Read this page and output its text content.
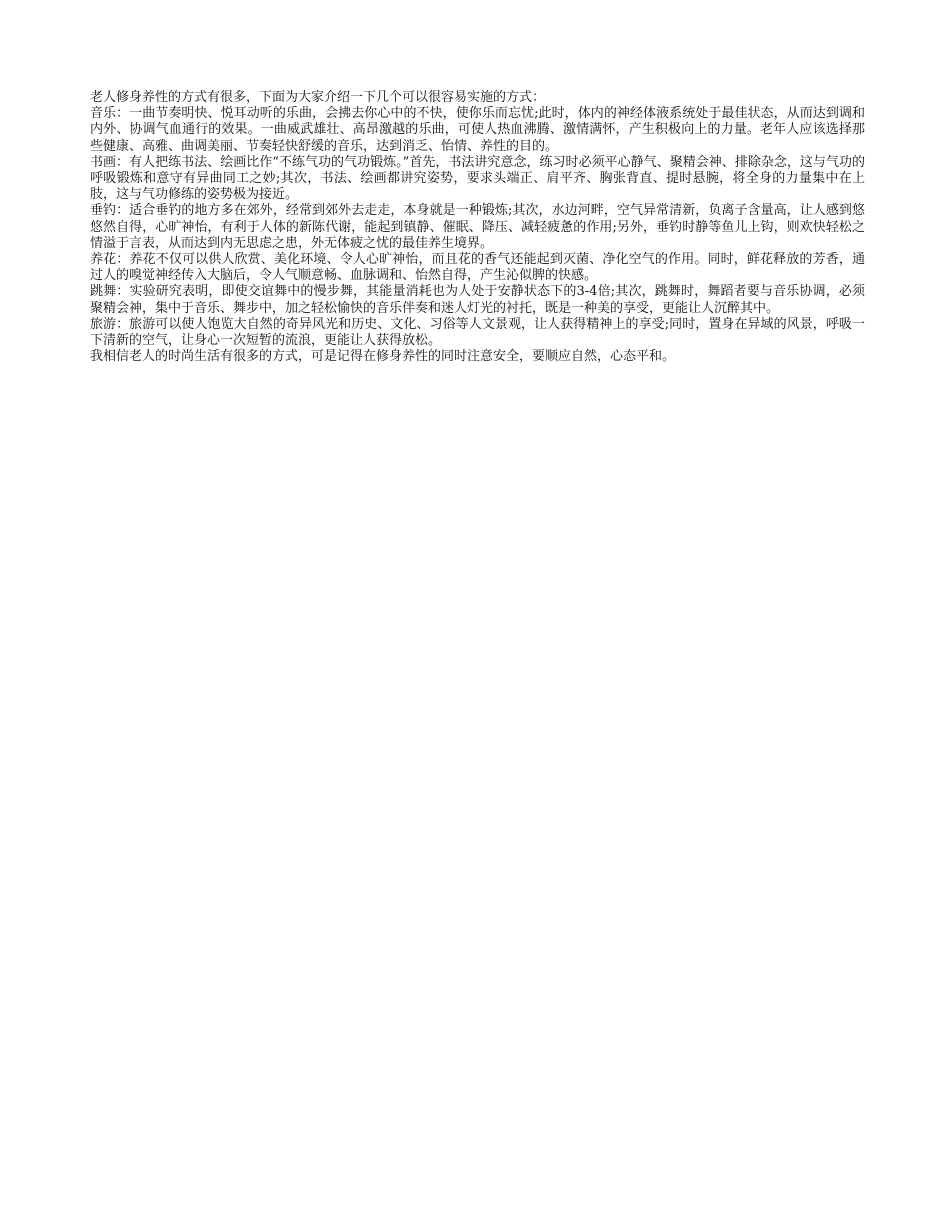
老人修身养性的方式有很多，下面为大家介绍一下几个可以很容易实施的方式：

音乐：一曲节奏明快、悦耳动听的乐曲，会拂去你心中的不快，使你乐而忘忧;此时，体内的神经体液系统处于最佳状态，从而达到调和内外、协调气血通行的效果。一曲威武雄壮、高昂激越的乐曲，可使人热血沸腾、激情满怀，产生积极向上的力量。老年人应该选择那些健康、高雅、曲调美丽、节奏轻快舒缓的音乐，达到消乏、怡情、养性的目的。

书画：有人把练书法、绘画比作“不练气功的气功锻炼。”首先，书法讲究意念，练习时必须平心静气、聚精会神、排除杂念，这与气功的呼吸锻炼和意守有异曲同工之妙;其次，书法、绘画都讲究姿势，要求头端正、肩平齐、胸张背直、提时悬腕，将全身的力量集中在上肢，这与气功修练的姿势极为接近。

垂钓：适合垂钓的地方多在郊外，经常到郊外去走走，本身就是一种锻炼;其次，水边河畔，空气异常清新，负离子含量高，让人感到悠悠然自得，心旷神怡，有利于人体的新陈代谢，能起到镇静、催眠、降压、减轻疲惫的作用;另外，垂钓时静等鱼儿上钩，则欢快轻松之情溢于言表，从而达到内无思虑之患，外无体疲之忧的最佳养生境界。

养花：养花不仅可以供人欣赏、美化环境、令人心旷神怡，而且花的香气还能起到灭菌、净化空气的作用。同时，鲜花释放的芳香，通过人的嗅觉神经传入大脑后，令人气顺意畅、血脉调和、怡然自得，产生沁似脾的快感。

跳舞：实验研究表明，即使交谊舞中的慢步舞，其能量消耗也为人处于安静状态下的3-4倍;其次，跳舞时，舞蹈者要与音乐协调，必须聚精会神，集中于音乐、舞步中，加之轻松愉快的音乐伴奏和迷人灯光的衬托，既是一种美的享受，更能让人沉醉其中。

旅游：旅游可以使人饱览大自然的奇异风光和历史、文化、习俗等人文景观，让人获得精神上的享受;同时，置身在异域的风景，呼吸一下清新的空气，让身心一次短暂的流浪，更能让人获得放松。

我相信老人的时尚生活有很多的方式，可是记得在修身养性的同时注意安全，要顺应自然，心态平和。
